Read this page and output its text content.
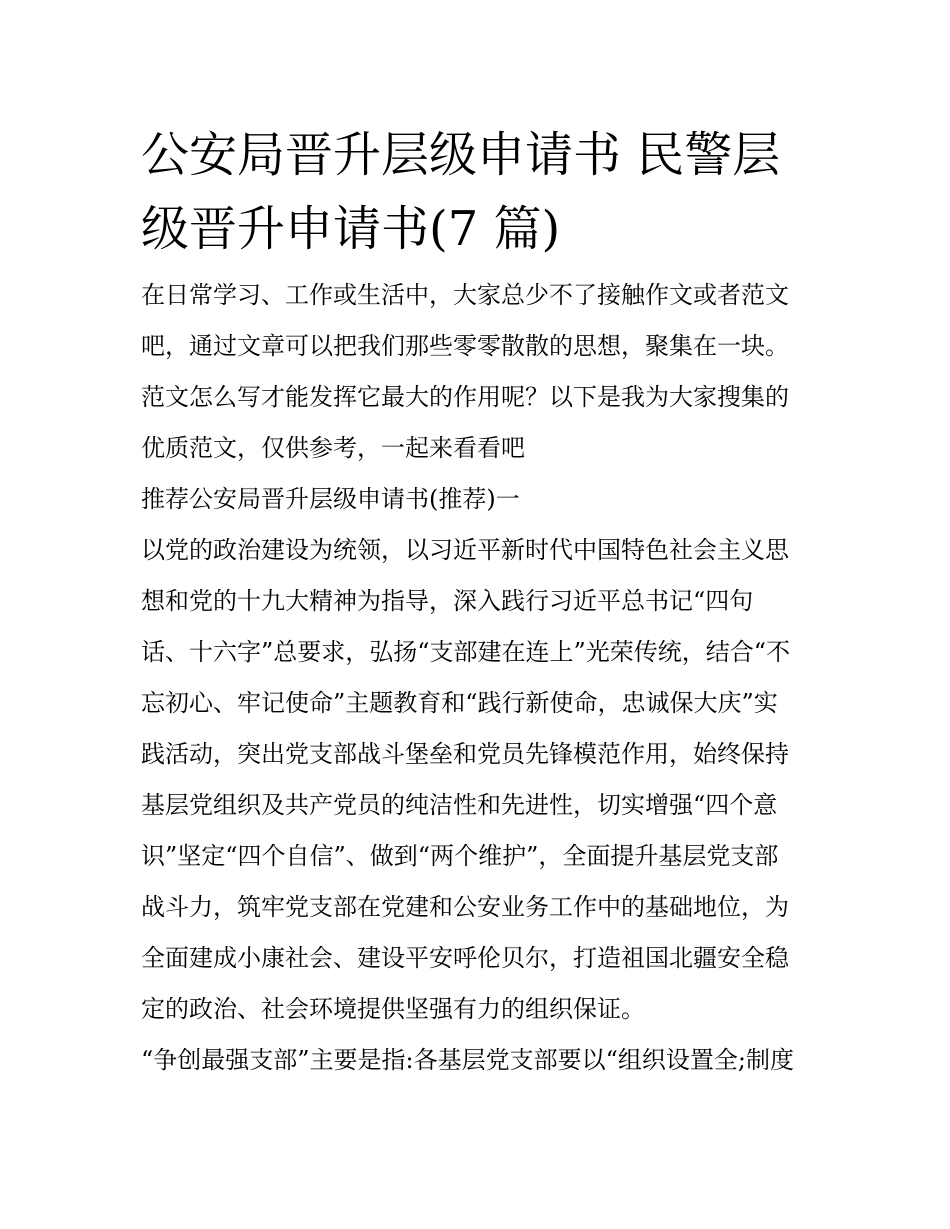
公安局晋升层级申请书 民警层
级晋升申请书(7 篇)

在日常学习、工作或生活中，大家总少不了接触作文或者范文
吧，通过文章可以把我们那些零零散散的思想，聚集在一块。
范文怎么写才能发挥它最大的作用呢？以下是我为大家搜集的
优质范文，仅供参考，一起来看看吧

推荐公安局晋升层级申请书(推荐)一

以党的政治建设为统领，以习近平新时代中国特色社会主义思
想和党的十九大精神为指导，深入践行习近平总书记“四句
话、十六字”总要求，弘扬“支部建在连上”光荣传统，结合“不
忘初心、牢记使命”主题教育和“践行新使命，忠诚保大庆”实
践活动，突出党支部战斗堡垒和党员先锋模范作用，始终保持
基层党组织及共产党员的纯洁性和先进性，切实增强“四个意
识”坚定“四个自信”、做到“两个维护”，全面提升基层党支部
战斗力，筑牢党支部在党建和公安业务工作中的基础地位，为
全面建成小康社会、建设平安呼伦贝尔，打造祖国北疆安全稳
定的政治、社会环境提供坚强有力的组织保证。

“争创最强支部”主要是指:各基层党支部要以“组织设置全;制度
